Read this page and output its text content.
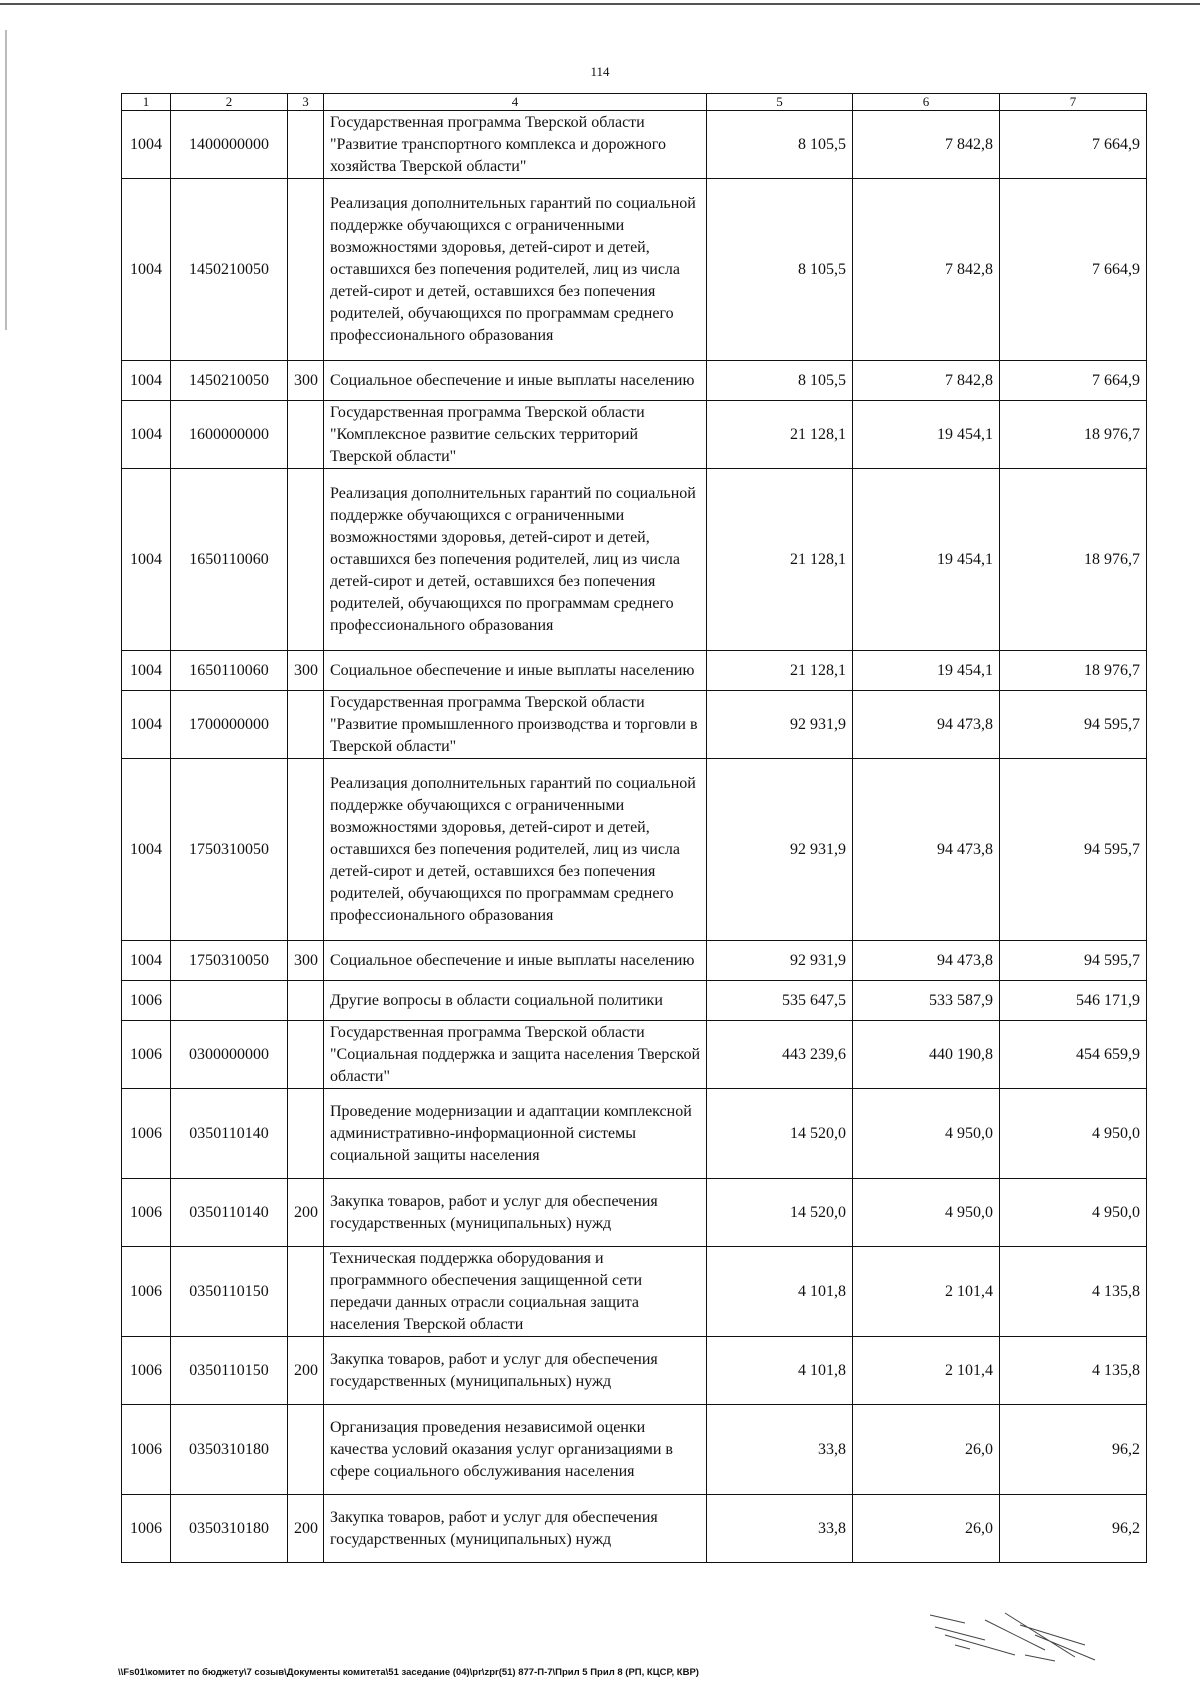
114
1	2	3	4	5	6	7
1004	1400000000		Государственная программа Тверской области "Развитие транспортного комплекса и дорожного хозяйства Тверской области"	8 105,5	7 842,8	7 664,9
1004	1450210050		Реализация дополнительных гарантий по социальной поддержке обучающихся с ограниченными возможностями здоровья, детей-сирот и детей, оставшихся без попечения родителей, лиц из числа детей-сирот и детей, оставшихся без попечения родителей, обучающихся по программам среднего профессионального образования	8 105,5	7 842,8	7 664,9
1004	1450210050	300	Социальное обеспечение и иные выплаты населению	8 105,5	7 842,8	7 664,9
1004	1600000000		Государственная программа Тверской области "Комплексное развитие сельских территорий Тверской области"	21 128,1	19 454,1	18 976,7
1004	1650110060		Реализация дополнительных гарантий по социальной поддержке обучающихся с ограниченными возможностями здоровья, детей-сирот и детей, оставшихся без попечения родителей, лиц из числа детей-сирот и детей, оставшихся без попечения родителей, обучающихся по программам среднего профессионального образования	21 128,1	19 454,1	18 976,7
1004	1650110060	300	Социальное обеспечение и иные выплаты населению	21 128,1	19 454,1	18 976,7
1004	1700000000		Государственная программа Тверской области "Развитие промышленного производства и торговли в Тверской области"	92 931,9	94 473,8	94 595,7
1004	1750310050		Реализация дополнительных гарантий по социальной поддержке обучающихся с ограниченными возможностями здоровья, детей-сирот и детей, оставшихся без попечения родителей, лиц из числа детей-сирот и детей, оставшихся без попечения родителей, обучающихся по программам среднего профессионального образования	92 931,9	94 473,8	94 595,7
1004	1750310050	300	Социальное обеспечение и иные выплаты населению	92 931,9	94 473,8	94 595,7
1006			Другие вопросы в области социальной политики	535 647,5	533 587,9	546 171,9
1006	0300000000		Государственная программа Тверской области "Социальная поддержка и защита населения Тверской области"	443 239,6	440 190,8	454 659,9
1006	0350110140		Проведение модернизации и адаптации комплексной административно-информационной системы социальной защиты населения	14 520,0	4 950,0	4 950,0
1006	0350110140	200	Закупка товаров, работ и услуг для обеспечения государственных (муниципальных) нужд	14 520,0	4 950,0	4 950,0
1006	0350110150		Техническая поддержка оборудования и программного обеспечения защищенной сети передачи данных отрасли социальная защита населения Тверской области	4 101,8	2 101,4	4 135,8
1006	0350110150	200	Закупка товаров, работ и услуг для обеспечения государственных (муниципальных) нужд	4 101,8	2 101,4	4 135,8
1006	0350310180		Организация проведения независимой оценки качества условий оказания услуг организациями в сфере социального обслуживания населения	33,8	26,0	96,2
1006	0350310180	200	Закупка товаров, работ и услуг для обеспечения государственных (муниципальных) нужд	33,8	26,0	96,2
\\Fs01\комитет по бюджету\7 созыв\Документы комитета\51 заседание (04)\pr\zpr(51) 877-П-7\Прил 5 Прил 8 (РП, КЦСР, КВР)
